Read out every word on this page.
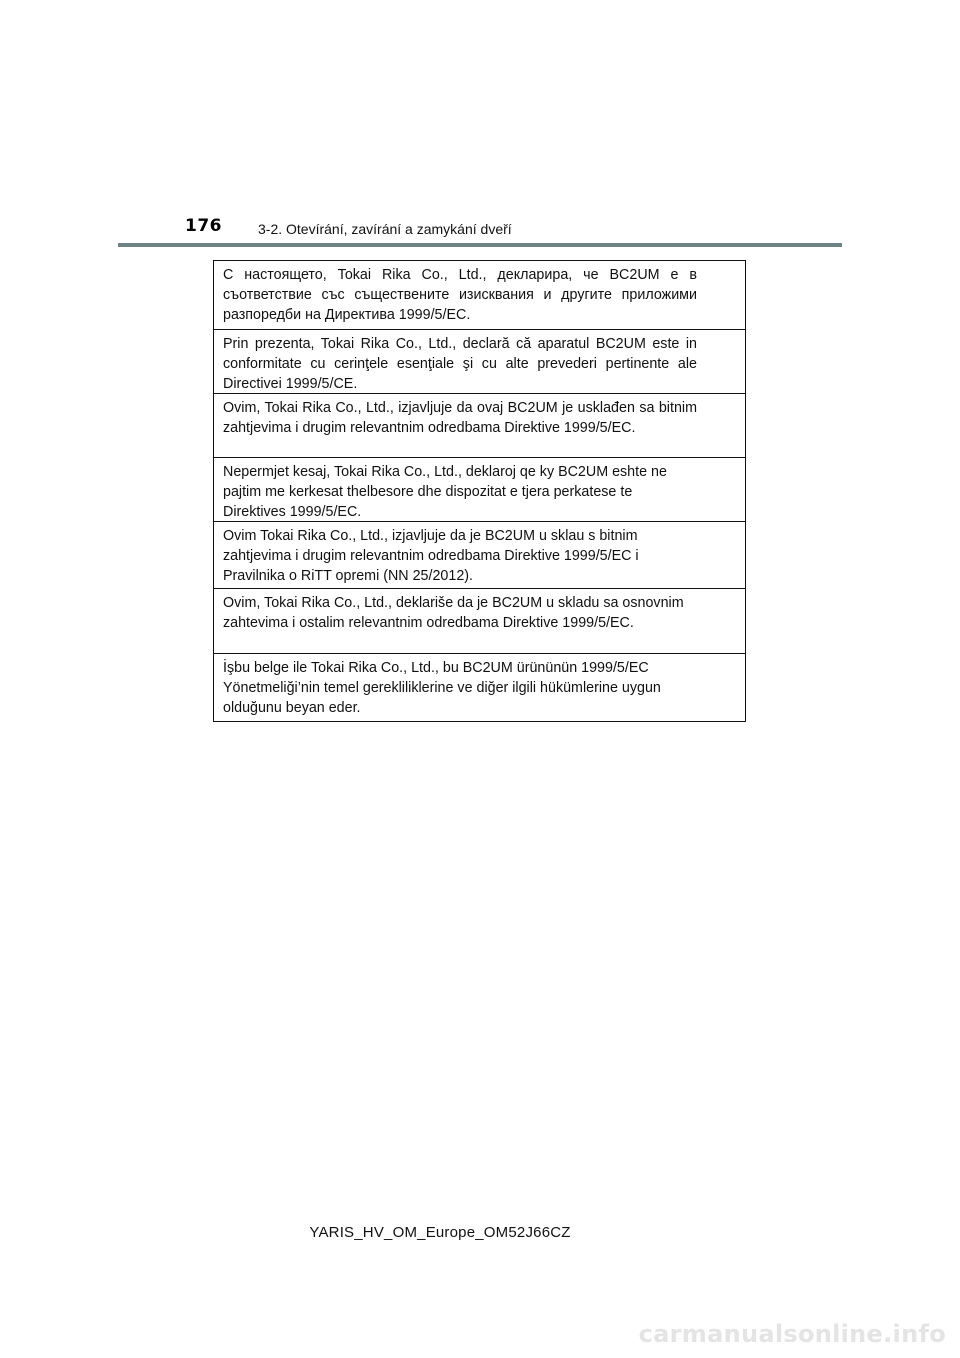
176	3-2. Otevírání, zavírání a zamykání dveří
С настоящето, Tokai Rika Co., Ltd., декларира, че BC2UM е в съответствие със съществените изисквания и другите приложими разпоредби на Директива 1999/5/EC.
Prin prezenta, Tokai Rika Co., Ltd., declară că aparatul BC2UM este in conformitate cu cerinţele esenţiale şi cu alte prevederi pertinente ale Directivei 1999/5/CE.
Ovim, Tokai Rika Co., Ltd., izjavljuje da ovaj BC2UM je usklađen sa bitnim zahtjevima i drugim relevantnim odredbama Direktive 1999/5/EC.
Nepermjet kesaj, Tokai Rika Co., Ltd., deklaroj qe ky BC2UM eshte ne pajtim me kerkesat thelbesore dhe dispozitat e tjera perkatese te Direktives 1999/5/EC.
Ovim Tokai Rika Co., Ltd., izjavljuje da je BC2UM u sklau s bitnim zahtjevima i drugim relevantnim odredbama Direktive 1999/5/EC i Pravilnika o RiTT opremi (NN 25/2012).
Ovim, Tokai Rika Co., Ltd., deklariše da je BC2UM u skladu sa osnovnim zahtevima i ostalim relevantnim odredbama Direktive 1999/5/EC.
İşbu belge ile Tokai Rika Co., Ltd., bu BC2UM ürününün 1999/5/EC Yönetmeliği’nin temel gerekliliklerine ve diğer ilgili hükümlerine uygun olduğunu beyan eder.
YARIS_HV_OM_Europe_OM52J66CZ
carmanualsonline.info
